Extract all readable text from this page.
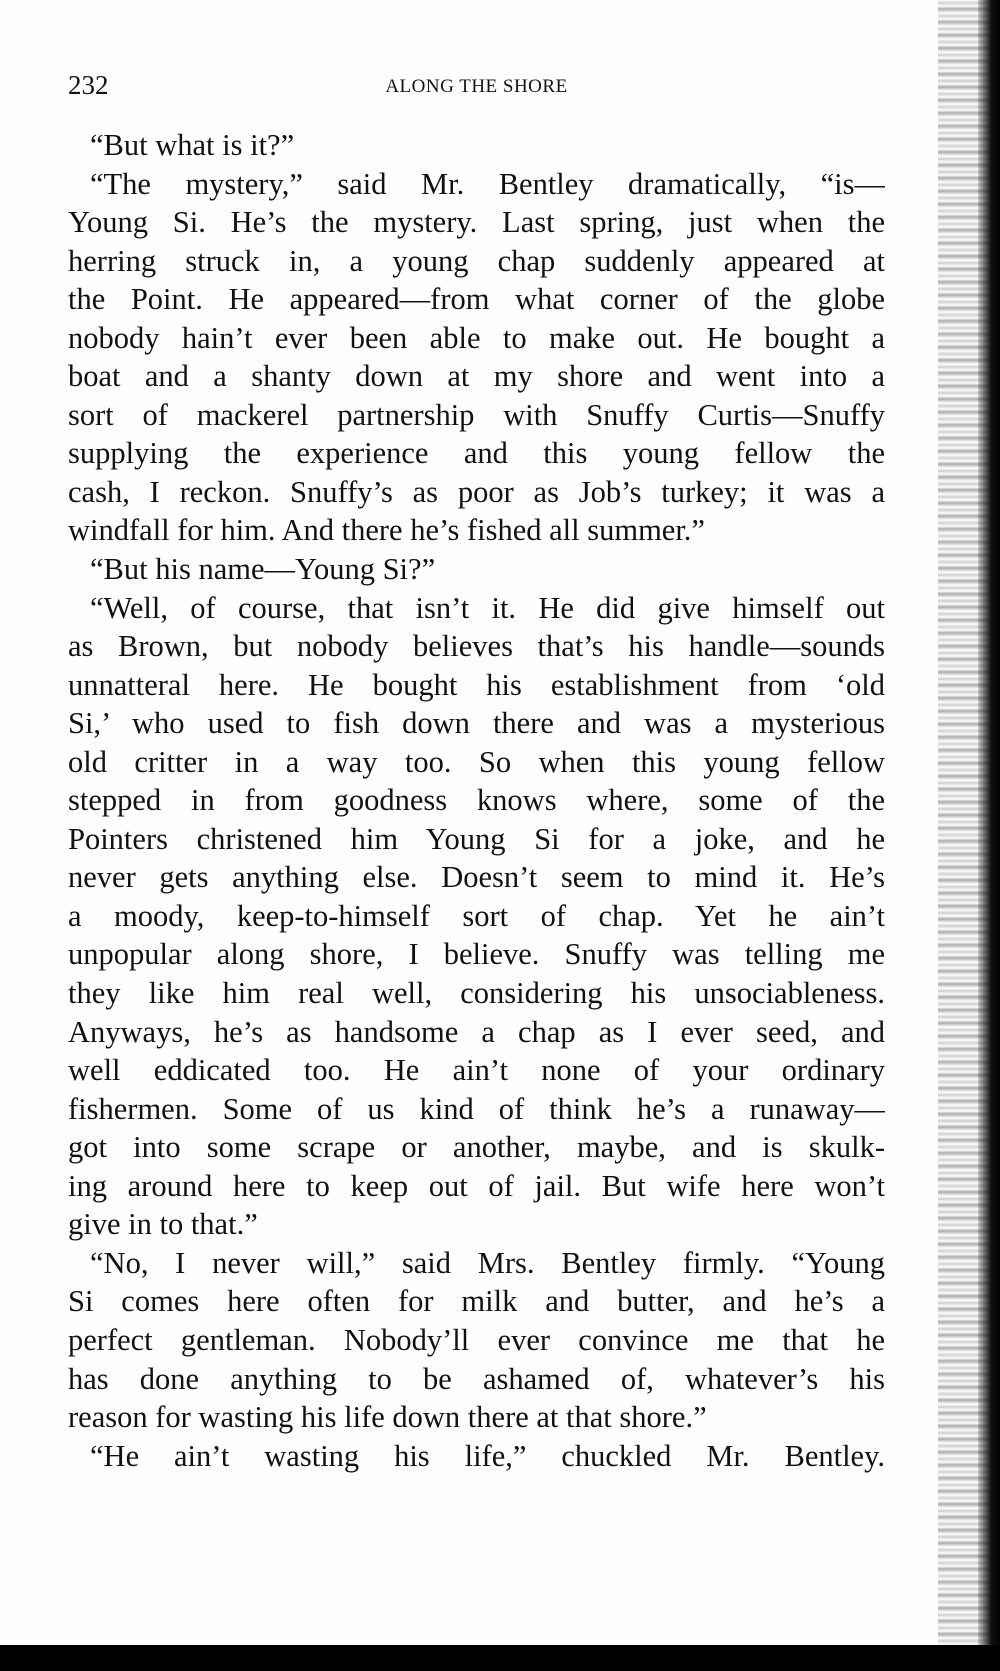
232	ALONG THE SHORE
“But what is it?”
“The mystery,” said Mr. Bentley dramatically, “is—
Young Si. He’s the mystery. Last spring, just when the
herring struck in, a young chap suddenly appeared at
the Point. He appeared—from what corner of the globe
nobody hain’t ever been able to make out. He bought a
boat and a shanty down at my shore and went into a
sort of mackerel partnership with Snuffy Curtis—Snuffy
supplying the experience and this young fellow the
cash, I reckon. Snuffy’s as poor as Job’s turkey; it was a
windfall for him. And there he’s fished all summer.”
“But his name—Young Si?”
“Well, of course, that isn’t it. He did give himself out
as Brown, but nobody believes that’s his handle—sounds
unnatteral here. He bought his establishment from ‘old
Si,’ who used to fish down there and was a mysterious
old critter in a way too. So when this young fellow
stepped in from goodness knows where, some of the
Pointers christened him Young Si for a joke, and he
never gets anything else. Doesn’t seem to mind it. He’s
a moody, keep-to-himself sort of chap. Yet he ain’t
unpopular along shore, I believe. Snuffy was telling me
they like him real well, considering his unsociableness.
Anyways, he’s as handsome a chap as I ever seed, and
well eddicated too. He ain’t none of your ordinary
fishermen. Some of us kind of think he’s a runaway—
got into some scrape or another, maybe, and is skulk-
ing around here to keep out of jail. But wife here won’t
give in to that.”
“No, I never will,” said Mrs. Bentley firmly. “Young
Si comes here often for milk and butter, and he’s a
perfect gentleman. Nobody’ll ever convince me that he
has done anything to be ashamed of, whatever’s his
reason for wasting his life down there at that shore.”
“He ain’t wasting his life,” chuckled Mr. Bentley.
